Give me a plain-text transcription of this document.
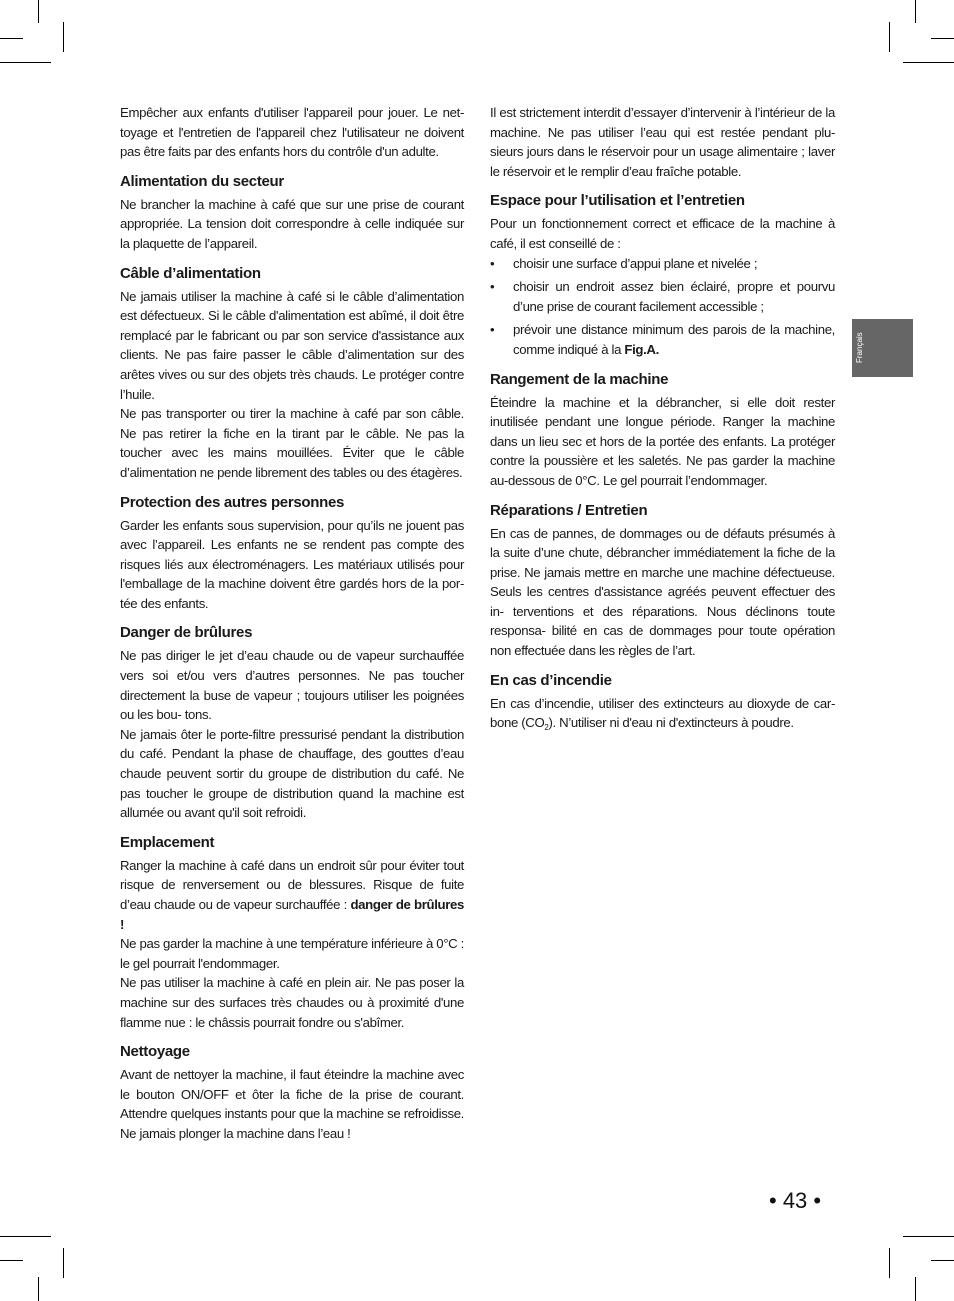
Français

Empêcher aux enfants d'utiliser l'appareil pour jouer. Le net- toyage et l'entretien de l'appareil chez l'utilisateur ne doivent pas être faits par des enfants hors du contrôle d'un adulte.

Alimentation du secteur

Ne brancher la machine à café que sur une prise de courant appropriée. La tension doit correspondre à celle indiquée sur la plaquette de l’appareil.

Câble d’alimentation

Ne jamais utiliser la machine à café si le câble d’alimentation est défectueux. Si le câble d'alimentation est abîmé, il doit être remplacé par le fabricant ou par son service d'assistance aux clients. Ne pas faire passer le câble d’alimentation sur des arêtes vives ou sur des objets très chauds. Le protéger contre l’huile.

Ne pas transporter ou tirer la machine à café par son câble. Ne pas retirer la fiche en la tirant par le câble. Ne pas la toucher avec les mains mouillées. Éviter que le câble d’alimentation ne pende librement des tables ou des étagères.

Protection des autres personnes

Garder les enfants sous supervision, pour qu’ils ne jouent pas avec l’appareil. Les enfants ne se rendent pas compte des risques liés aux électroménagers. Les matériaux utilisés pour l'emballage de la machine doivent être gardés hors de la por- tée des enfants.

Danger de brûlures

Ne pas diriger le jet d’eau chaude ou de vapeur surchauffée vers soi et/ou vers d’autres personnes. Ne pas toucher directement la buse de vapeur ; toujours utiliser les poignées ou les bou- tons.

Ne jamais ôter le porte-filtre pressurisé pendant la distribution du café. Pendant la phase de chauffage, des gouttes d’eau chaude peuvent sortir du groupe de distribution du café. Ne pas toucher le groupe de distribution quand la machine est allumée ou avant qu'il soit refroidi.

Emplacement

Ranger la machine à café dans un endroit sûr pour éviter tout risque de renversement ou de blessures. Risque de fuite d’eau chaude ou de vapeur surchauffée : danger de brûlures !

Ne pas garder la machine à une température inférieure à 0°C : le gel pourrait l'endommager.

Ne pas utiliser la machine à café en plein air. Ne pas poser la machine sur des surfaces très chaudes ou à proximité d'une flamme nue : le châssis pourrait fondre ou s'abîmer.

Nettoyage

Avant de nettoyer la machine, il faut éteindre la machine avec le bouton ON/OFF et ôter la fiche de la prise de courant. Attendre quelques instants pour que la machine se refroidisse. Ne jamais plonger la machine dans l’eau !

Il est strictement interdit d’essayer d’intervenir à l’intérieur de la machine. Ne pas utiliser l’eau qui est restée pendant plu- sieurs jours dans le réservoir pour un usage alimentaire ; laver le réservoir et le remplir d’eau fraîche potable.

Espace pour l’utilisation et l’entretien

Pour un fonctionnement correct et efficace de la machine à café, il est conseillé de :

• choisir une surface d’appui plane et nivelée ;
• choisir un endroit assez bien éclairé, propre et pourvu d’une prise de courant facilement accessible ;
• prévoir une distance minimum des parois de la machine, comme indiqué à la Fig.A.
Rangement de la machine

Éteindre la machine et la débrancher, si elle doit rester inutilisée pendant une longue période. Ranger la machine dans un lieu sec et hors de la portée des enfants. La protéger contre la poussière et les saletés. Ne pas garder la machine au-dessous de 0°C. Le gel pourrait l’endommager.

Réparations / Entretien

En cas de pannes, de dommages ou de défauts présumés à la suite d’une chute, débrancher immédiatement la fiche de la prise. Ne jamais mettre en marche une machine défectueuse. Seuls les centres d'assistance agréés peuvent effectuer des in- terventions et des réparations. Nous déclinons toute responsa- bilité en cas de dommages pour toute opération non effectuée dans les règles de l’art.

En cas d’incendie

En cas d’incendie, utiliser des extincteurs au dioxyde de car- bone $(CO_2)$. N’utiliser ni d'eau ni d'extincteurs à poudre.

• 43 •
